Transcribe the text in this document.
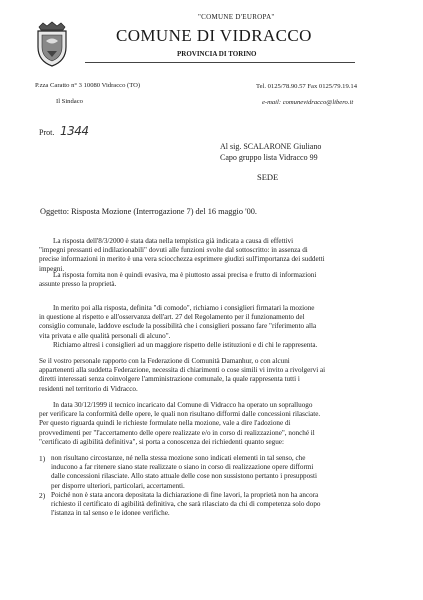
"COMUNE D'EUROPA"
COMUNE DI VIDRACCO
PROVINCIA DI TORINO
P.zza Caratto n° 3 10080 Vidracco (TO)	Tel. 0125/78.90.57 Fax 0125/79.19.14
Il Sindaco	e-mail: comunevidracco@libero.it
Prot. 1344
Al sig. SCALARONE Giuliano
Capo gruppo lista Vidracco 99
SEDE
Oggetto: Risposta Mozione (Interrogazione 7) del 16 maggio '00.
La risposta dell'8/3/2000 è stata data nella tempistica già indicata a causa di effettivi
"impegni pressanti ed indilazionabili" dovuti alle funzioni svolte dal sottoscritto: in assenza di
precise informazioni in merito è una vera sciocchezza esprimere giudizi sull'importanza dei suddetti
impegni.
La risposta fornita non è quindi evasiva, ma è piuttosto assai precisa e frutto di informazioni
assunte presso la proprietà.
In merito poi alla risposta, definita "di comodo", richiamo i consiglieri firmatari la mozione
in questione al rispetto e all'osservanza dell'art. 27 del Regolamento per il funzionamento del
consiglio comunale, laddove esclude la possibilità che i consiglieri possano fare "riferimento alla
vita privata e alle qualità personali di alcuno".
Richiamo altresì i consiglieri ad un maggiore rispetto delle istituzioni e di chi le rappresenta.
Se il vostro personale rapporto con la Federazione di Comunità Damanhur, o con alcuni
appartenenti alla suddetta Federazione, necessita di chiarimenti o cose simili vi invito a rivolgervi ai
diretti interessati senza coinvolgere l'amministrazione comunale, la quale rappresenta tutti i
residenti nel territorio di Vidracco.
In data 30/12/1999 il tecnico incaricato dal Comune di Vidracco ha operato un sopralluogo
per verificare la conformità delle opere, le quali non risultano difformi dalle concessioni rilasciate.
Per questo riguarda quindi le richieste formulate nella mozione, vale a dire l'adozione di
provvedimenti per "l'accertamento delle opere realizzate e/o in corso di realizzazione", nonché il
"certificato di agibilità definitiva", si porta a conoscenza dei richiedenti quanto segue:
1) non risultano circostanze, né nella stessa mozione sono indicati elementi in tal senso, che
inducono a far ritenere siano state realizzate o siano in corso di realizzazione opere difformi
dalle concessioni rilasciate. Allo stato attuale delle cose non sussistono pertanto i presupposti
per disporre ulteriori, particolari, accertamenti.
2) Poiché non è stata ancora depositata la dichiarazione di fine lavori, la proprietà non ha ancora
richiesto il certificato di agibilità definitiva, che sarà rilasciato da chi di competenza solo dopo
l'istanza in tal senso e le idonee verifiche.
